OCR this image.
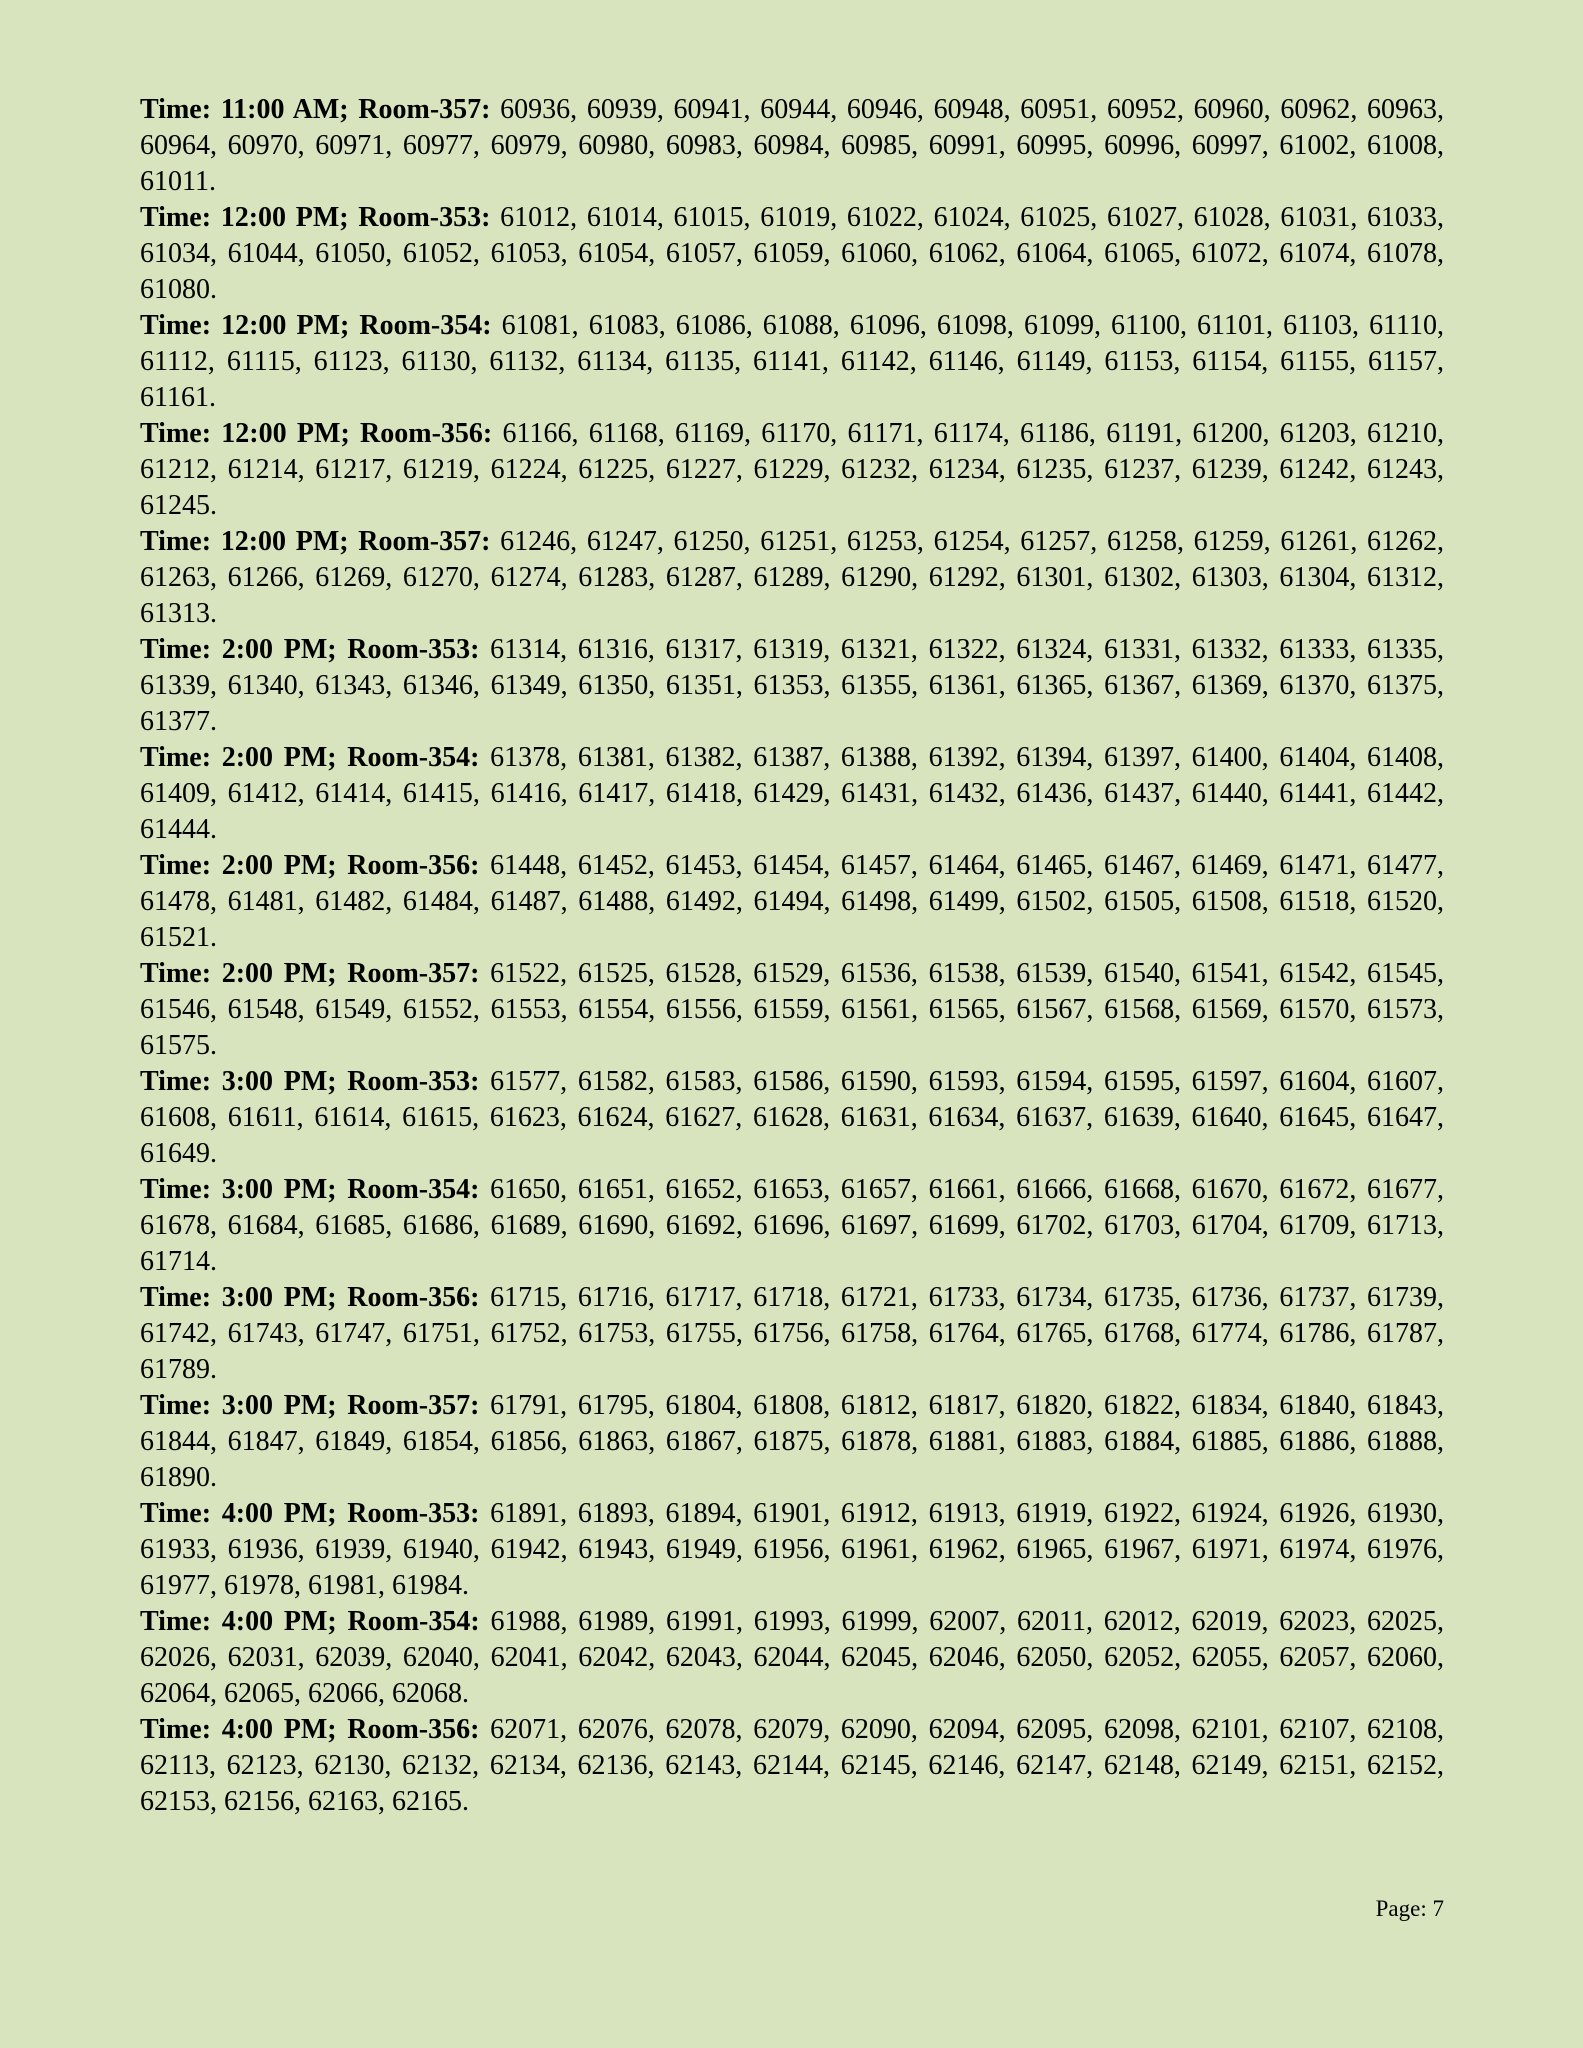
Time: 11:00 AM; Room-357: 60936, 60939, 60941, 60944, 60946, 60948, 60951, 60952, 60960, 60962, 60963, 60964, 60970, 60971, 60977, 60979, 60980, 60983, 60984, 60985, 60991, 60995, 60996, 60997, 61002, 61008, 61011.

Time: 12:00 PM; Room-353: 61012, 61014, 61015, 61019, 61022, 61024, 61025, 61027, 61028, 61031, 61033, 61034, 61044, 61050, 61052, 61053, 61054, 61057, 61059, 61060, 61062, 61064, 61065, 61072, 61074, 61078, 61080.

Time: 12:00 PM; Room-354: 61081, 61083, 61086, 61088, 61096, 61098, 61099, 61100, 61101, 61103, 61110, 61112, 61115, 61123, 61130, 61132, 61134, 61135, 61141, 61142, 61146, 61149, 61153, 61154, 61155, 61157, 61161.

Time: 12:00 PM; Room-356: 61166, 61168, 61169, 61170, 61171, 61174, 61186, 61191, 61200, 61203, 61210, 61212, 61214, 61217, 61219, 61224, 61225, 61227, 61229, 61232, 61234, 61235, 61237, 61239, 61242, 61243, 61245.

Time: 12:00 PM; Room-357: 61246, 61247, 61250, 61251, 61253, 61254, 61257, 61258, 61259, 61261, 61262, 61263, 61266, 61269, 61270, 61274, 61283, 61287, 61289, 61290, 61292, 61301, 61302, 61303, 61304, 61312, 61313.

Time: 2:00 PM; Room-353: 61314, 61316, 61317, 61319, 61321, 61322, 61324, 61331, 61332, 61333, 61335, 61339, 61340, 61343, 61346, 61349, 61350, 61351, 61353, 61355, 61361, 61365, 61367, 61369, 61370, 61375, 61377.

Time: 2:00 PM; Room-354: 61378, 61381, 61382, 61387, 61388, 61392, 61394, 61397, 61400, 61404, 61408, 61409, 61412, 61414, 61415, 61416, 61417, 61418, 61429, 61431, 61432, 61436, 61437, 61440, 61441, 61442, 61444.

Time: 2:00 PM; Room-356: 61448, 61452, 61453, 61454, 61457, 61464, 61465, 61467, 61469, 61471, 61477, 61478, 61481, 61482, 61484, 61487, 61488, 61492, 61494, 61498, 61499, 61502, 61505, 61508, 61518, 61520, 61521.

Time: 2:00 PM; Room-357: 61522, 61525, 61528, 61529, 61536, 61538, 61539, 61540, 61541, 61542, 61545, 61546, 61548, 61549, 61552, 61553, 61554, 61556, 61559, 61561, 61565, 61567, 61568, 61569, 61570, 61573, 61575.

Time: 3:00 PM; Room-353: 61577, 61582, 61583, 61586, 61590, 61593, 61594, 61595, 61597, 61604, 61607, 61608, 61611, 61614, 61615, 61623, 61624, 61627, 61628, 61631, 61634, 61637, 61639, 61640, 61645, 61647, 61649.

Time: 3:00 PM; Room-354: 61650, 61651, 61652, 61653, 61657, 61661, 61666, 61668, 61670, 61672, 61677, 61678, 61684, 61685, 61686, 61689, 61690, 61692, 61696, 61697, 61699, 61702, 61703, 61704, 61709, 61713, 61714.

Time: 3:00 PM; Room-356: 61715, 61716, 61717, 61718, 61721, 61733, 61734, 61735, 61736, 61737, 61739, 61742, 61743, 61747, 61751, 61752, 61753, 61755, 61756, 61758, 61764, 61765, 61768, 61774, 61786, 61787, 61789.

Time: 3:00 PM; Room-357: 61791, 61795, 61804, 61808, 61812, 61817, 61820, 61822, 61834, 61840, 61843, 61844, 61847, 61849, 61854, 61856, 61863, 61867, 61875, 61878, 61881, 61883, 61884, 61885, 61886, 61888, 61890.

Time: 4:00 PM; Room-353: 61891, 61893, 61894, 61901, 61912, 61913, 61919, 61922, 61924, 61926, 61930, 61933, 61936, 61939, 61940, 61942, 61943, 61949, 61956, 61961, 61962, 61965, 61967, 61971, 61974, 61976, 61977, 61978, 61981, 61984.

Time: 4:00 PM; Room-354: 61988, 61989, 61991, 61993, 61999, 62007, 62011, 62012, 62019, 62023, 62025, 62026, 62031, 62039, 62040, 62041, 62042, 62043, 62044, 62045, 62046, 62050, 62052, 62055, 62057, 62060, 62064, 62065, 62066, 62068.

Time: 4:00 PM; Room-356: 62071, 62076, 62078, 62079, 62090, 62094, 62095, 62098, 62101, 62107, 62108, 62113, 62123, 62130, 62132, 62134, 62136, 62143, 62144, 62145, 62146, 62147, 62148, 62149, 62151, 62152, 62153, 62156, 62163, 62165.

Page: 7
